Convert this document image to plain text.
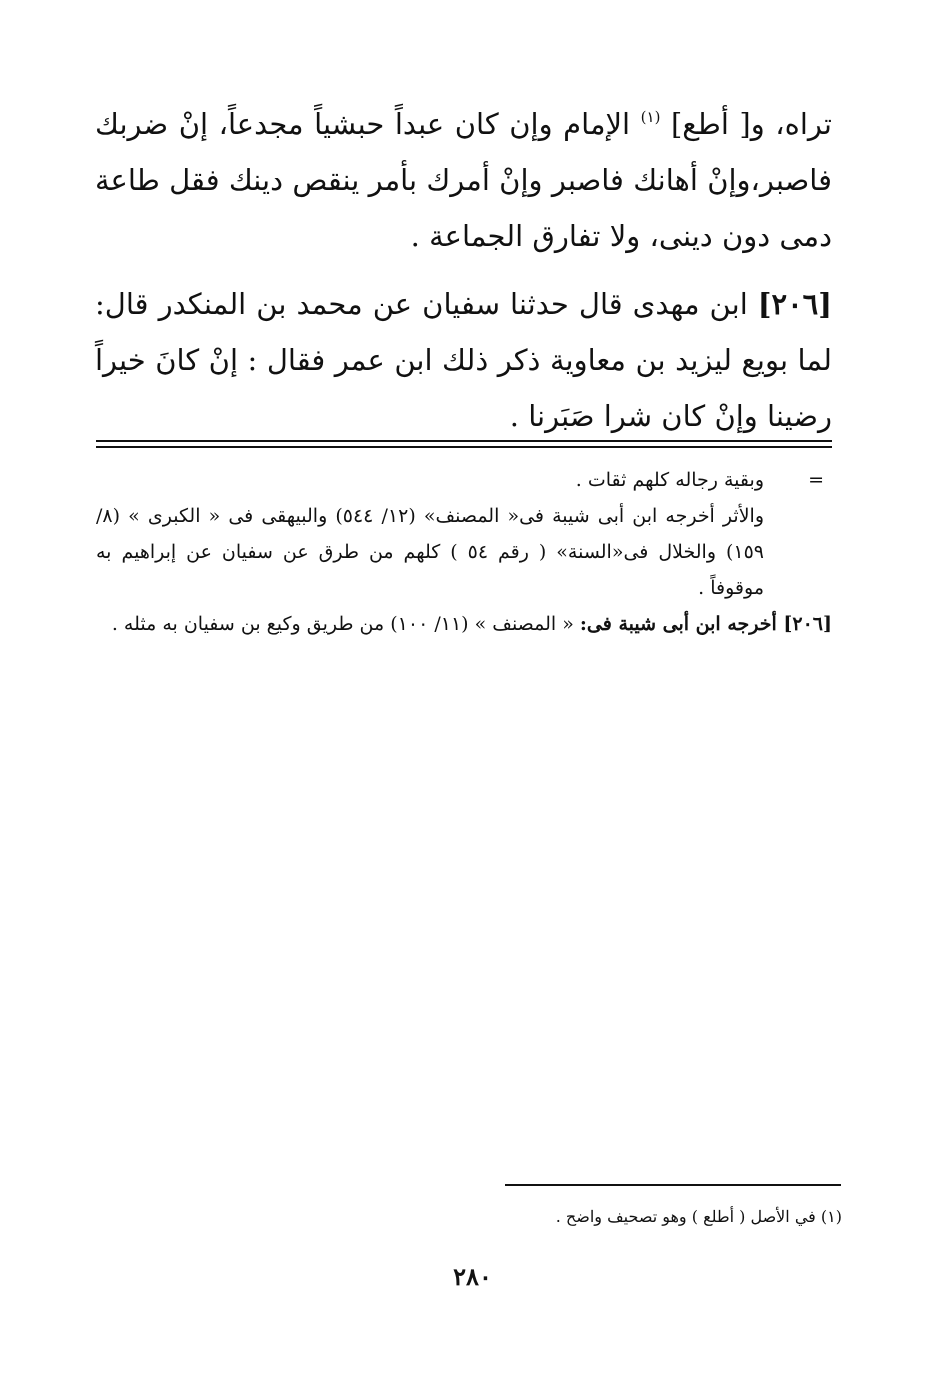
تراه، و[ أطع] $^{(١)}$ الإمام وإن كان عبداً حبشياً مجدعاً، إنْ ضربك فاصبر،وإنْ أهانك فاصبر وإنْ أمرك بأمر ينقص دينك فقل طاعة دمى دون دينى، ولا تفارق الجماعة .

[٢٠٦] ابن مهدى قال حدثنا سفيان عن محمد بن المنكدر قال: لما بويع ليزيد بن معاوية ذكر ذلك ابن عمر فقال : إنْ كانَ خيراً رضينا وإنْ كان شرا صَبَرنا .

=
وبقية رجاله كلهم ثقات .

والأثر أخرجه ابن أبى شيبة فى« المصنف» (١٢/ ٥٤٤) والبيهقى فى « الكبرى » (٨/ ١٥٩) والخلال فى«السنة» ( رقم ٥٤ ) كلهم من طرق عن سفيان عن إبراهيم به موقوفاً .

[٢٠٦] أخرجه ابن أبى شيبة فى: « المصنف » (١١/ ١٠٠) من طريق وكيع بن سفيان به مثله .

(١) في الأصل ( أطلع ) وهو تصحيف واضح .
٢٨٠
